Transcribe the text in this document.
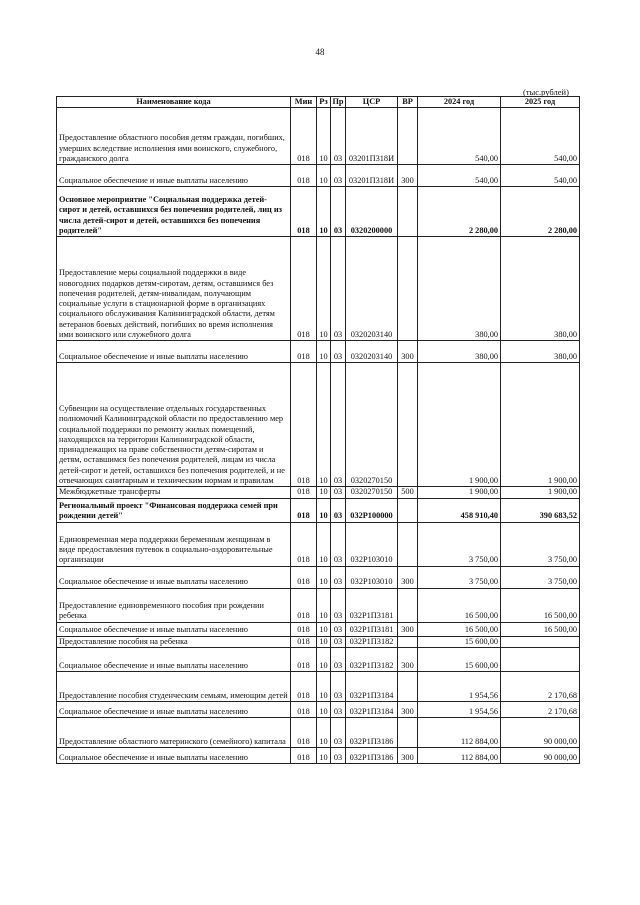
48
(тыс.рублей)
Наименование кода	Мин	Рз	Пр	ЦСР	ВР	2024 год	2025 год
Предоставление областного пособия детям граждан, погибших, умерших вследствие исполнения ими воинского, служебного, гражданского долга	018	10	03	03201П318И		540,00	540,00
Социальное обеспечение и иные выплаты населению	018	10	03	03201П318И	300	540,00	540,00
Основное мероприятие "Социальная поддержка детей-сирот и детей, оставшихся без попечения родителей, лиц из числа детей-сирот и детей, оставшихся без попечения родителей"	018	10	03	0320200000		2 280,00	2 280,00
Предоставление меры социальной поддержки в виде новогодних подарков детям-сиротам, детям, оставшимся без попечения родителей, детям-инвалидам, получающим социальные услуги в стационарной форме в организациях социального обслуживания Калининградской области, детям ветеранов боевых действий, погибших во время исполнения ими воинского или служебного долга	018	10	03	0320203140		380,00	380,00
Социальное обеспечение и иные выплаты населению	018	10	03	0320203140	300	380,00	380,00
Субвенции на осуществление отдельных государственных полномочий Калининградской области по предоставлению мер социальной поддержки по ремонту жилых помещений, находящихся на территории Калининградской области, принадлежащих на праве собственности детям-сиротам и детям, оставшимся без попечения родителей, лицам из числа детей-сирот и детей, оставшихся без попечения родителей, и не отвечающих санитарным и техническим нормам и правилам	018	10	03	0320270150		1 900,00	1 900,00
Межбюджетные трансферты	018	10	03	0320270150	500	1 900,00	1 900,00
Региональный проект "Финансовая поддержка семей при рождении детей"	018	10	03	032P100000		458 910,40	390 683,52
Единовременная мера поддержки беременным женщинам в виде предоставления путевок в социально-оздоровительные организации	018	10	03	032P103010		3 750,00	3 750,00
Социальное обеспечение и иные выплаты населению	018	10	03	032P103010	300	3 750,00	3 750,00
Предоставление единовременного пособия при рождении ребенка	018	10	03	032P1П3181		16 500,00	16 500,00
Социальное обеспечение и иные выплаты населению	018	10	03	032P1П3181	300	16 500,00	16 500,00
Предоставление пособия на ребенка	018	10	03	032P1П3182		15 600,00	
Социальное обеспечение и иные выплаты населению	018	10	03	032P1П3182	300	15 600,00	
Предоставление пособия студенческим семьям, имеющим детей	018	10	03	032P1П3184		1 954,56	2 170,68
Социальное обеспечение и иные выплаты населению	018	10	03	032P1П3184	300	1 954,56	2 170,68
Предоставление областного материнского (семейного) капитала	018	10	03	032P1П3186		112 884,00	90 000,00
Социальное обеспечение и иные выплаты населению	018	10	03	032P1П3186	300	112 884,00	90 000,00
